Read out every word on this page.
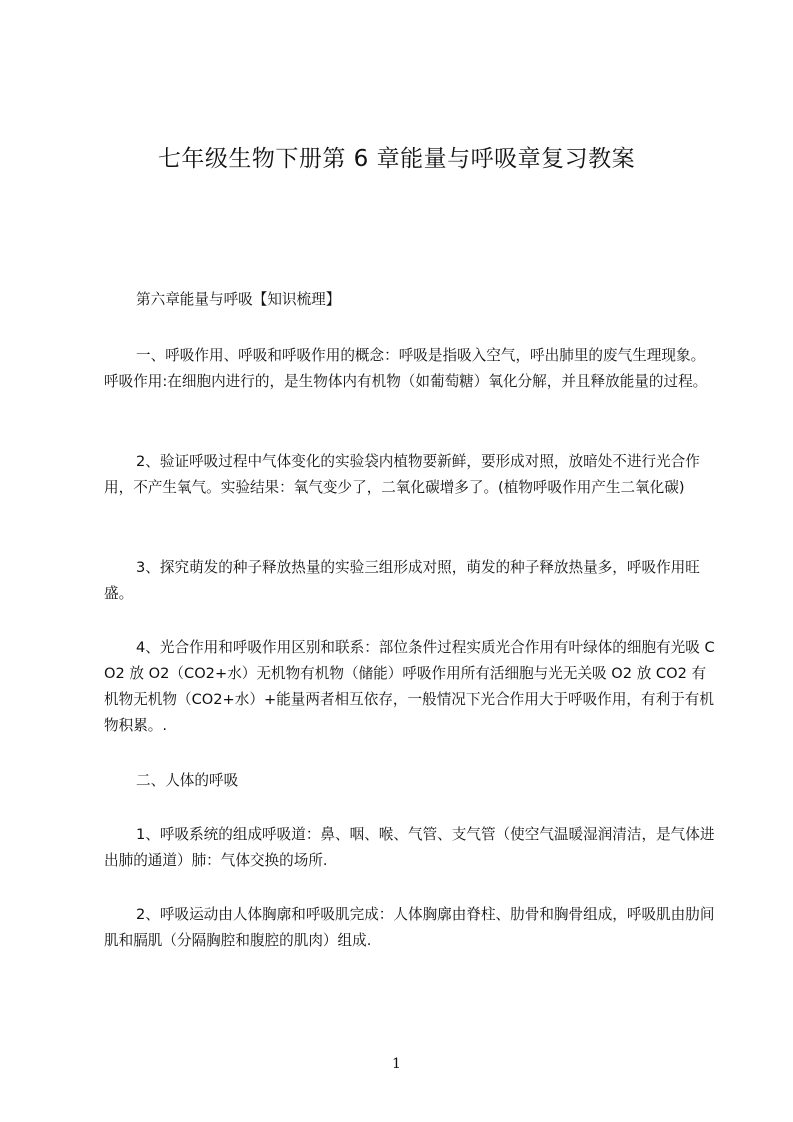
七年级生物下册第 6 章能量与呼吸章复习教案
第六章能量与呼吸【知识梳理】
一、呼吸作用、呼吸和呼吸作用的概念：呼吸是指吸入空气，呼出肺里的废气生理现象。呼吸作用:在细胞内进行的，是生物体内有机物（如葡萄糖）氧化分解，并且释放能量的过程。
2、验证呼吸过程中气体变化的实验袋内植物要新鲜，要形成对照，放暗处不进行光合作用，不产生氧气。实验结果：氧气变少了，二氧化碳增多了。(植物呼吸作用产生二氧化碳)
3、探究萌发的种子释放热量的实验三组形成对照，萌发的种子释放热量多，呼吸作用旺盛。
4、光合作用和呼吸作用区别和联系：部位条件过程实质光合作用有叶绿体的细胞有光吸 CO2 放 O2（CO2+水）无机物有机物（储能）呼吸作用所有活细胞与光无关吸 O2 放 CO2 有机物无机物（CO2+水）+能量两者相互依存，一般情况下光合作用大于呼吸作用，有利于有机物积累。.
二、人体的呼吸
1、呼吸系统的组成呼吸道：鼻、咽、喉、气管、支气管（使空气温暖湿润清洁，是气体进出肺的通道）肺：气体交换的场所.
2、呼吸运动由人体胸廓和呼吸肌完成：人体胸廓由脊柱、肋骨和胸骨组成，呼吸肌由肋间肌和膈肌（分隔胸腔和腹腔的肌肉）组成.
1
